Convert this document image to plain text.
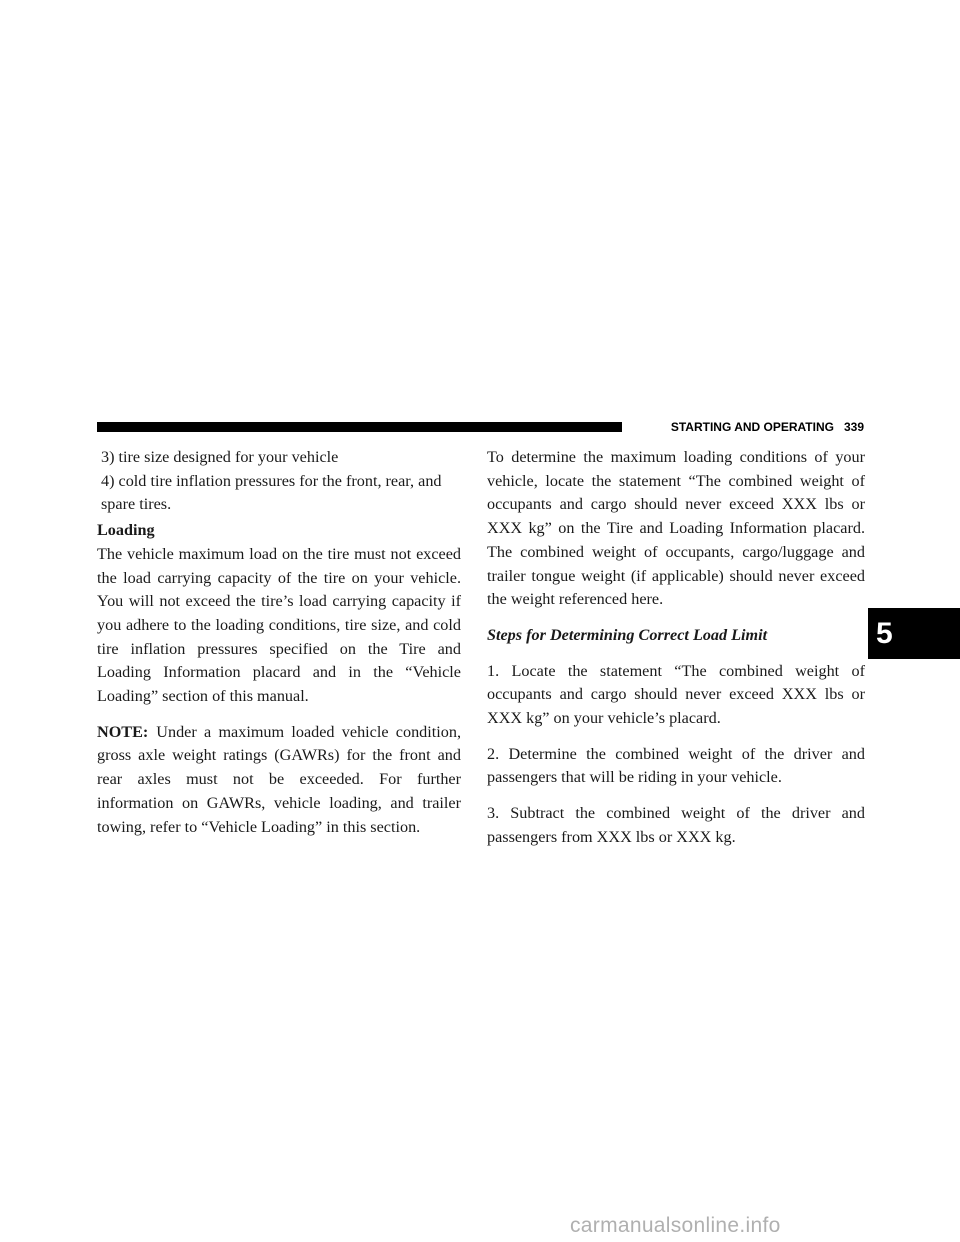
STARTING AND OPERATING 339

3) tire size designed for your vehicle

4) cold tire inflation pressures for the front, rear, and spare tires.

Loading

The vehicle maximum load on the tire must not exceed the load carrying capacity of the tire on your vehicle. You will not exceed the tire’s load carrying capacity if you adhere to the loading conditions, tire size, and cold tire inflation pressures specified on the Tire and Loading Information placard and in the “Vehicle Loading” section of this manual.

NOTE: Under a maximum loaded vehicle condition, gross axle weight ratings (GAWRs) for the front and rear axles must not be exceeded. For further information on GAWRs, vehicle loading, and trailer towing, refer to “Vehicle Loading” in this section.

To determine the maximum loading conditions of your vehicle, locate the statement “The combined weight of occupants and cargo should never exceed XXX lbs or XXX kg” on the Tire and Loading Information placard. The combined weight of occupants, cargo/luggage and trailer tongue weight (if applicable) should never exceed the weight referenced here.

Steps for Determining Correct Load Limit

1. Locate the statement “The combined weight of occupants and cargo should never exceed XXX lbs or XXX kg” on your vehicle’s placard.

2. Determine the combined weight of the driver and passengers that will be riding in your vehicle.

3. Subtract the combined weight of the driver and passengers from XXX lbs or XXX kg.

5
carmanualsonline.info
